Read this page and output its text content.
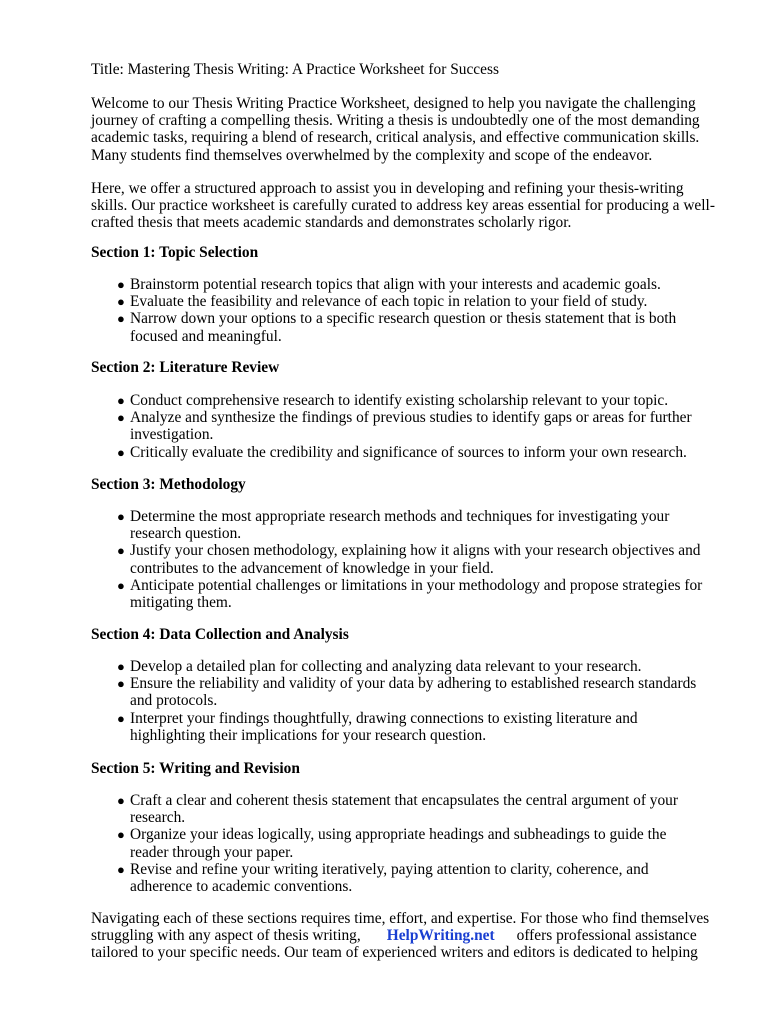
Title: Mastering Thesis Writing: A Practice Worksheet for Success

Welcome to our Thesis Writing Practice Worksheet, designed to help you navigate the challenging
journey of crafting a compelling thesis. Writing a thesis is undoubtedly one of the most demanding
academic tasks, requiring a blend of research, critical analysis, and effective communication skills.
Many students find themselves overwhelmed by the complexity and scope of the endeavor.

Here, we offer a structured approach to assist you in developing and refining your thesis-writing
skills. Our practice worksheet is carefully curated to address key areas essential for producing a well-
crafted thesis that meets academic standards and demonstrates scholarly rigor.

Section 1: Topic Selection
● Brainstorm potential research topics that align with your interests and academic goals.
● Evaluate the feasibility and relevance of each topic in relation to your field of study.
● Narrow down your options to a specific research question or thesis statement that is both
focused and meaningful.
Section 2: Literature Review
● Conduct comprehensive research to identify existing scholarship relevant to your topic.
● Analyze and synthesize the findings of previous studies to identify gaps or areas for further
investigation.
● Critically evaluate the credibility and significance of sources to inform your own research.
Section 3: Methodology
● Determine the most appropriate research methods and techniques for investigating your
research question.
● Justify your chosen methodology, explaining how it aligns with your research objectives and
contributes to the advancement of knowledge in your field.
● Anticipate potential challenges or limitations in your methodology and propose strategies for
mitigating them.
Section 4: Data Collection and Analysis
● Develop a detailed plan for collecting and analyzing data relevant to your research.
● Ensure the reliability and validity of your data by adhering to established research standards
and protocols.
● Interpret your findings thoughtfully, drawing connections to existing literature and
highlighting their implications for your research question.
Section 5: Writing and Revision
● Craft a clear and coherent thesis statement that encapsulates the central argument of your
research.
● Organize your ideas logically, using appropriate headings and subheadings to guide the
reader through your paper.
● Revise and refine your writing iteratively, paying attention to clarity, coherence, and
adherence to academic conventions.

Navigating each of these sections requires time, effort, and expertise. For those who find themselves
struggling with any aspect of thesis writing, HelpWriting.net offers professional assistance
tailored to your specific needs. Our team of experienced writers and editors is dedicated to helping
